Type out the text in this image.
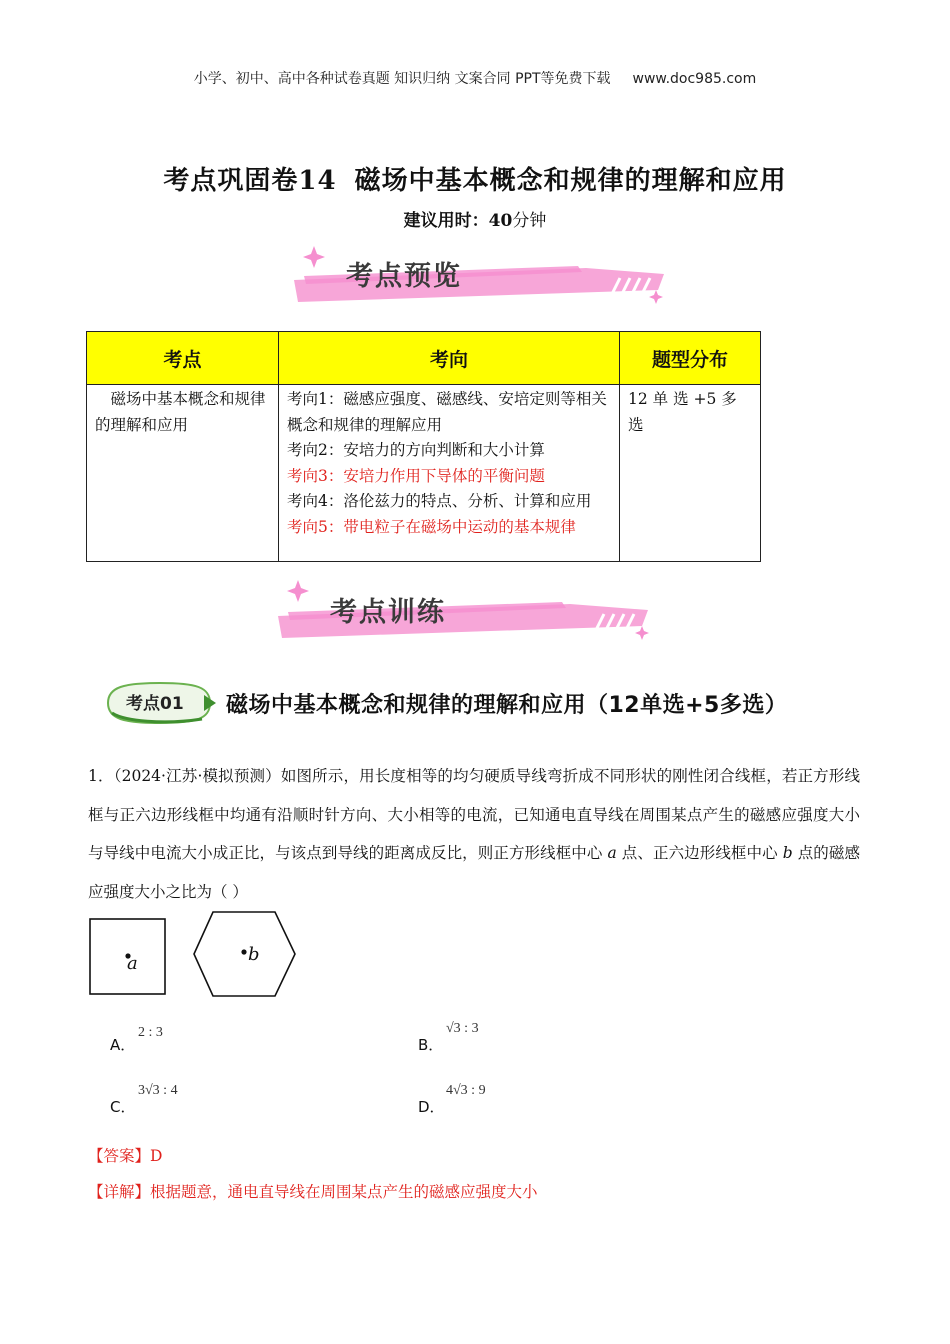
小学、初中、高中各种试卷真题 知识归纳 文案合同 PPT等免费下载 www.doc985.com
考点巩固卷14 磁场中基本概念和规律的理解和应用
建议用时：40分钟
考点预览
考点	考向	题型分布
磁场中基本概念和规律的理解和应用	考向1：磁感应强度、磁感线、安培定则等相关概念和规律的理解应用
考向2：安培力的方向判断和大小计算
考向3：安培力作用下导体的平衡问题
考向4：洛伦兹力的特点、分析、计算和应用
考向5：带电粒子在磁场中运动的基本规律	12 单 选 +5 多 选
考点训练
考点01 磁场中基本概念和规律的理解和应用（12单选+5多选）
1．（2024·江苏·模拟预测）如图所示，用长度相等的均匀硬质导线弯折成不同形状的刚性闭合线框，若正方形线框与正六边形线框中均通有沿顺时针方向、大小相等的电流，已知通电直导线在周围某点产生的磁感应强度大小与导线中电流大小成正比，与该点到导线的距离成反比，则正方形线框中心 a 点、正六边形线框中心 b 点的磁感应强度大小之比为（ ）
a	b
A．
2 : 3
B．
√3 : 3
C．
3√3 : 4
D．
4√3 : 9
【答案】D
【详解】根据题意，通电直导线在周围某点产生的磁感应强度大小
